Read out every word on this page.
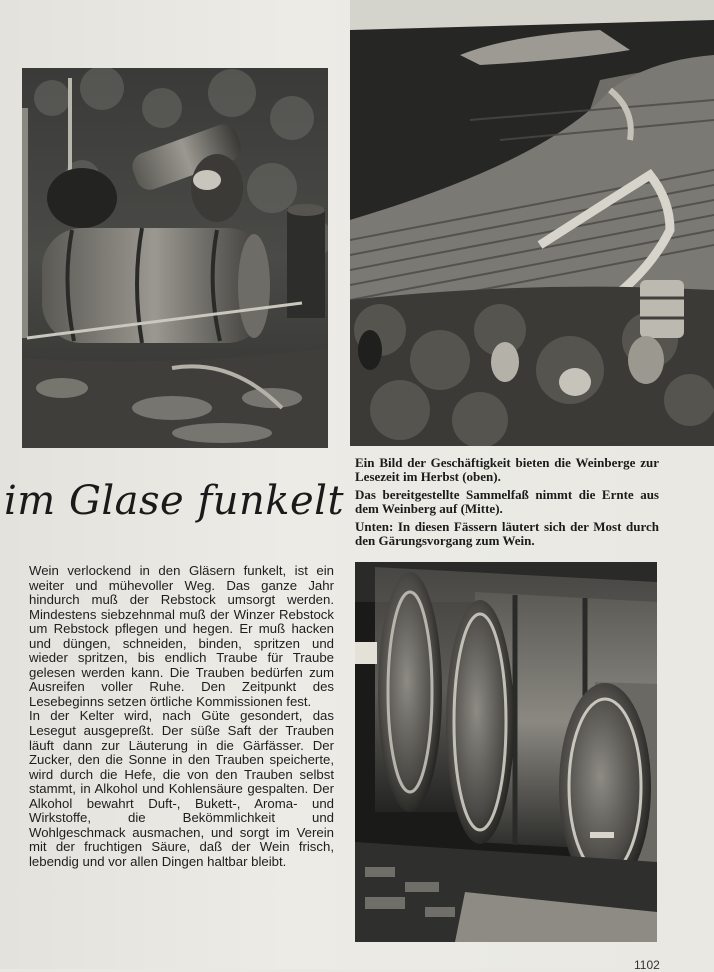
im Glase funkelt

Ein Bild der Geschäftigkeit bieten die Weinberge zur Lesezeit im Herbst (oben).

Das bereitgestellte Sammelfaß nimmt die Ernte aus dem Weinberg auf (Mitte).

Unten: In diesen Fässern läutert sich der Most durch den Gärungsvorgang zum Wein.

Wein verlockend in den Gläsern funkelt, ist ein weiter und mühevoller Weg. Das ganze Jahr hindurch muß der Rebstock umsorgt werden. Mindestens siebzehnmal muß der Winzer Rebstock um Rebstock pflegen und hegen. Er muß hacken und düngen, schneiden, binden, spritzen und wieder spritzen, bis endlich Traube für Traube gelesen werden kann. Die Trauben bedürfen zum Ausreifen voller Ruhe. Den Zeitpunkt des Lesebeginns setzen örtliche Kommissionen fest.

In der Kelter wird, nach Güte gesondert, das Lesegut ausgepreßt. Der süße Saft der Trauben läuft dann zur Läuterung in die Gärfässer. Der Zucker, den die Sonne in den Trauben speicherte, wird durch die Hefe, die von den Trauben selbst stammt, in Alkohol und Kohlensäure gespalten. Der Alkohol bewahrt Duft-, Bukett-, Aroma- und Wirkstoffe, die Bekömmlichkeit und Wohlgeschmack ausmachen, und sorgt im Verein mit der fruchtigen Säure, daß der Wein frisch, lebendig und vor allen Dingen haltbar bleibt.

1102
